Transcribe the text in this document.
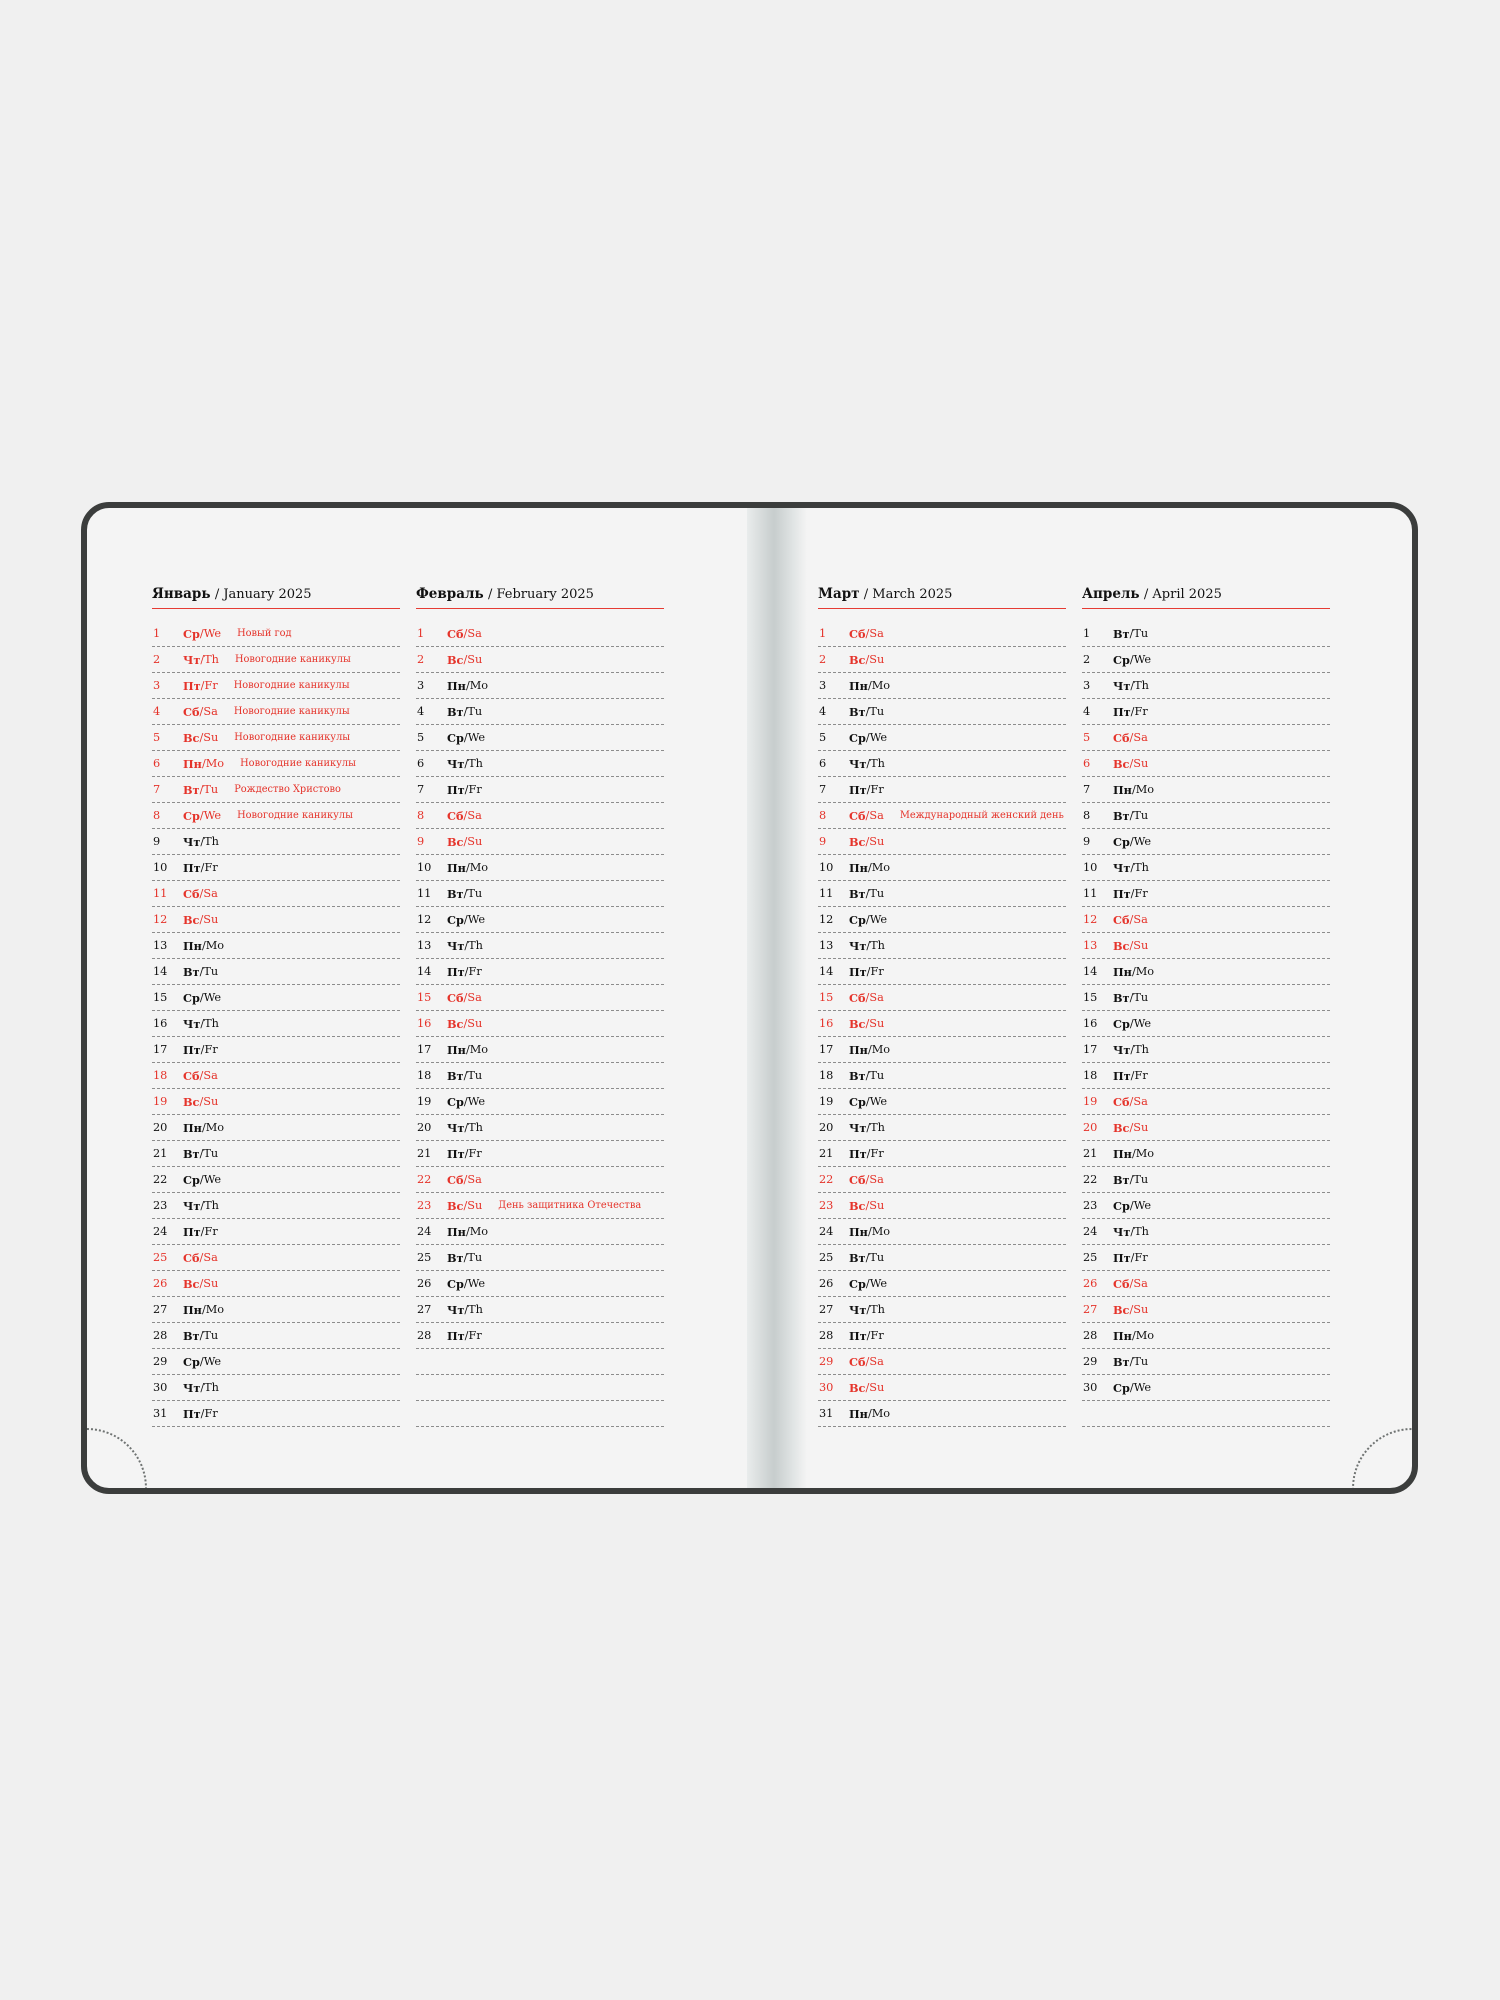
Январь / January 2025
1	Ср /We Новый год
2	Чт /Th Новогодние каникулы
3	Пт /Fr Новогодние каникулы
4	Сб /Sa Новогодние каникулы
5	Вс /Su Новогодние каникулы
6	Пн /Mo Новогодние каникулы
7	Вт /Tu Рождество Христово
8	Ср /We Новогодние каникулы
9	Чт /Th
10	Пт /Fr
11	Сб /Sa
12	Вс /Su
13	Пн /Mo
14	Вт /Tu
15	Ср /We
16	Чт /Th
17	Пт /Fr
18	Сб /Sa
19	Вс /Su
20	Пн /Mo
21	Вт /Tu
22	Ср /We
23	Чт /Th
24	Пт /Fr
25	Сб /Sa
26	Вс /Su
27	Пн /Mo
28	Вт /Tu
29	Ср /We
30	Чт /Th
31	Пт /Fr
Февраль / February 2025
1	Сб /Sa
2	Вс /Su
3	Пн /Mo
4	Вт /Tu
5	Ср /We
6	Чт /Th
7	Пт /Fr
8	Сб /Sa
9	Вс /Su
10	Пн /Mo
11	Вт /Tu
12	Ср /We
13	Чт /Th
14	Пт /Fr
15	Сб /Sa
16	Вс /Su
17	Пн /Mo
18	Вт /Tu
19	Ср /We
20	Чт /Th
21	Пт /Fr
22	Сб /Sa
23	Вс /Su День защитника Отечества
24	Пн /Mo
25	Вт /Tu
26	Ср /We
27	Чт /Th
28	Пт /Fr
Март / March 2025
1	Сб /Sa
2	Вс /Su
3	Пн /Mo
4	Вт /Tu
5	Ср /We
6	Чт /Th
7	Пт /Fr
8	Сб /Sa Международный женский день
9	Вс /Su
10	Пн /Mo
11	Вт /Tu
12	Ср /We
13	Чт /Th
14	Пт /Fr
15	Сб /Sa
16	Вс /Su
17	Пн /Mo
18	Вт /Tu
19	Ср /We
20	Чт /Th
21	Пт /Fr
22	Сб /Sa
23	Вс /Su
24	Пн /Mo
25	Вт /Tu
26	Ср /We
27	Чт /Th
28	Пт /Fr
29	Сб /Sa
30	Вс /Su
31	Пн /Mo
Апрель / April 2025
1	Вт /Tu
2	Ср /We
3	Чт /Th
4	Пт /Fr
5	Сб /Sa
6	Вс /Su
7	Пн /Mo
8	Вт /Tu
9	Ср /We
10	Чт /Th
11	Пт /Fr
12	Сб /Sa
13	Вс /Su
14	Пн /Mo
15	Вт /Tu
16	Ср /We
17	Чт /Th
18	Пт /Fr
19	Сб /Sa
20	Вс /Su
21	Пн /Mo
22	Вт /Tu
23	Ср /We
24	Чт /Th
25	Пт /Fr
26	Сб /Sa
27	Вс /Su
28	Пн /Mo
29	Вт /Tu
30	Ср /We
